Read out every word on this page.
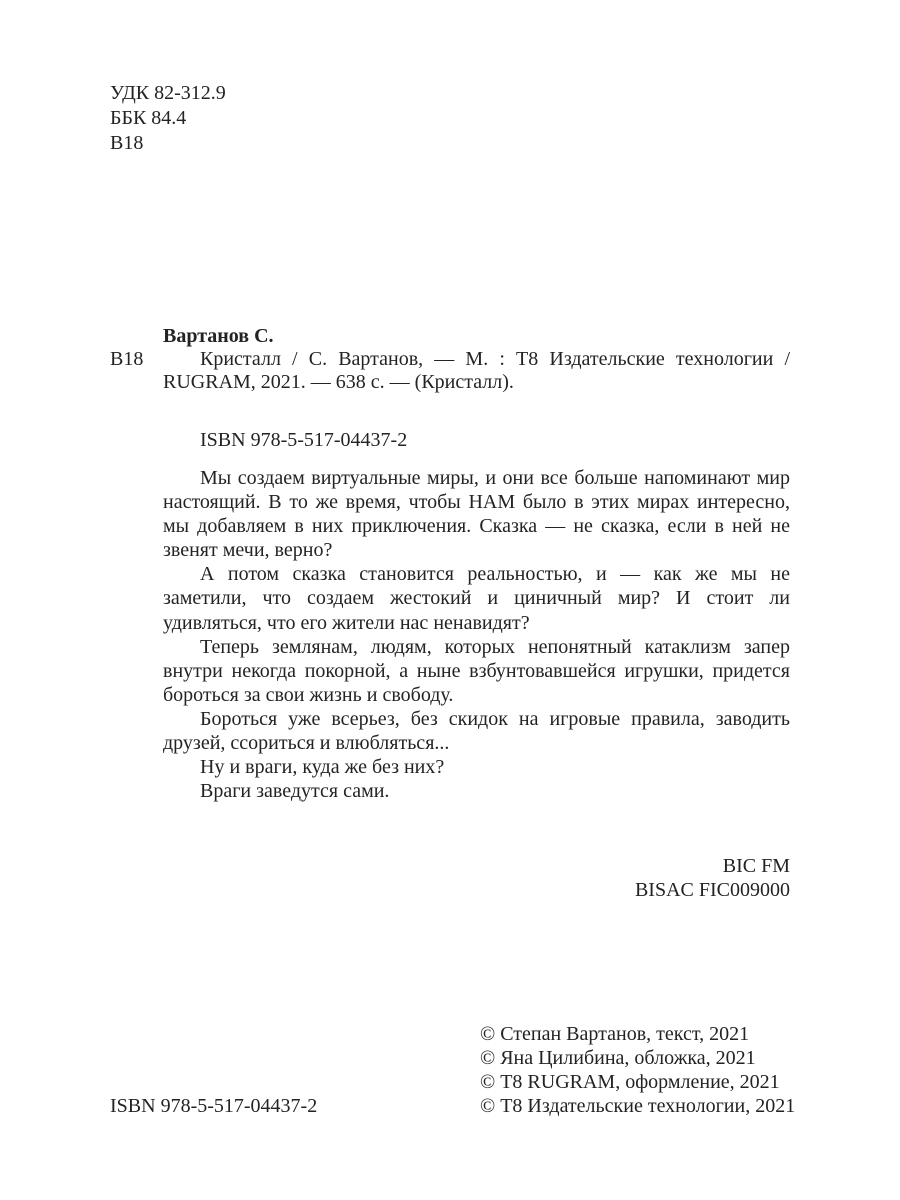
УДК 82-312.9
ББК 84.4
В18
Вартанов С.
В18	Кристалл / С. Вартанов, — М. : Т8 Издательские технологии / RUGRAM, 2021. — 638 с. — (Кристалл).

ISBN 978-5-517-04437-2

Мы создаем виртуальные миры, и они все больше напоминают мир настоящий. В то же время, чтобы НАМ было в этих мирах интересно, мы добавляем в них приключения. Сказка — не сказка, если в ней не звенят мечи, верно?

А потом сказка становится реальностью, и — как же мы не заметили, что создаем жестокий и циничный мир? И стоит ли удивляться, что его жители нас ненавидят?

Теперь землянам, людям, которых непонятный катаклизм запер внутри некогда покорной, а ныне взбунтовавшейся игрушки, придется бороться за свои жизнь и свободу.

Бороться уже всерьез, без скидок на игровые правила, заводить друзей, ссориться и влюбляться...

Ну и враги, куда же без них?

Враги заведутся сами.

BIC FM
BISAC FIC009000
© Степан Вартанов, текст, 2021
© Яна Цилибина, обложка, 2021
© Т8 RUGRAM, оформление, 2021
© Т8 Издательские технологии, 2021
ISBN 978-5-517-04437-2
